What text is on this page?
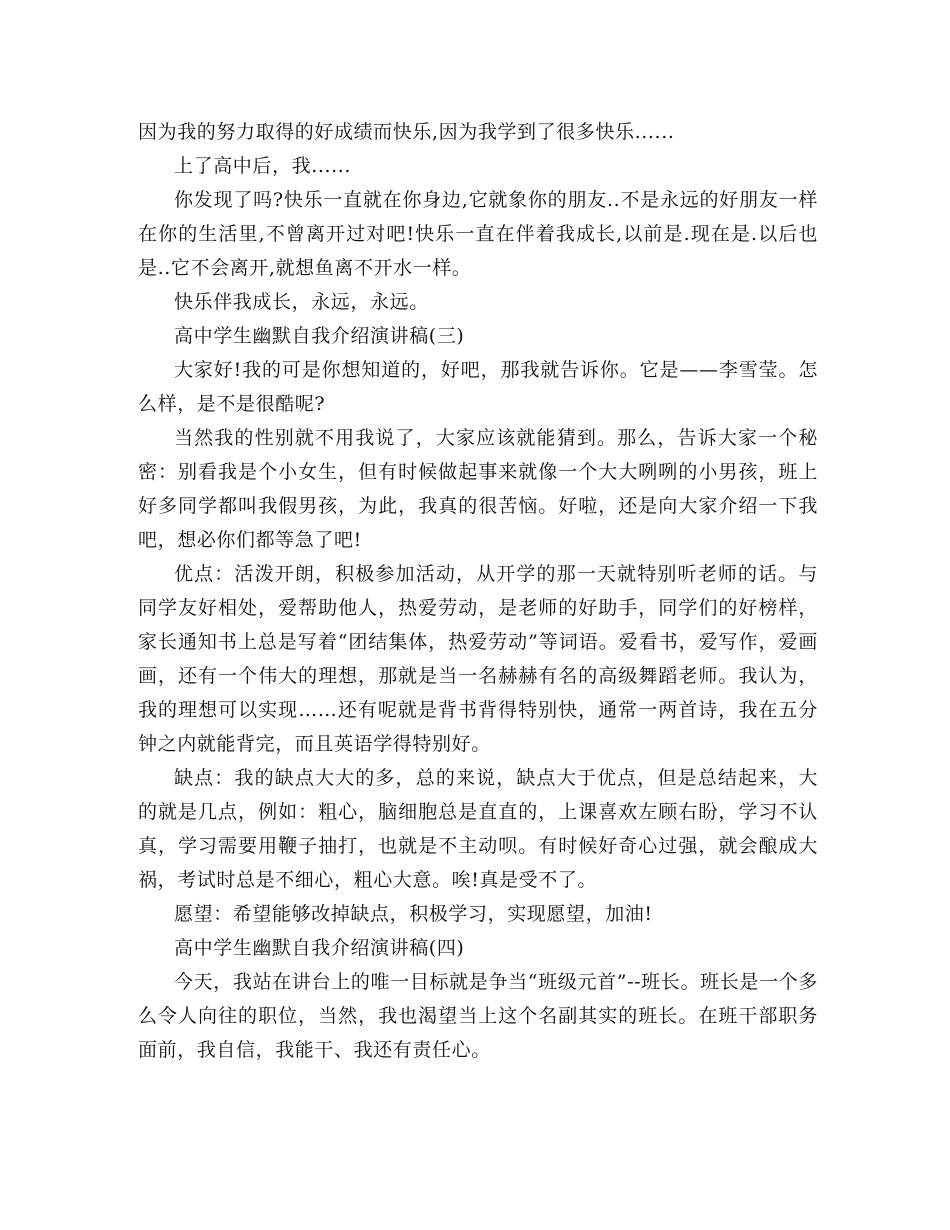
因为我的努力取得的好成绩而快乐,因为我学到了很多快乐......

上了高中后，我......

你发现了吗?快乐一直就在你身边,它就象你的朋友..不是永远的好朋友一样在你的生活里,不曾离开过对吧!快乐一直在伴着我成长,以前是.现在是.以后也是..它不会离开,就想鱼离不开水一样。

快乐伴我成长，永远，永远。

高中学生幽默自我介绍演讲稿(三)

大家好!我的可是你想知道的，好吧，那我就告诉你。它是——李雪莹。怎么样，是不是很酷呢?

当然我的性别就不用我说了，大家应该就能猜到。那么，告诉大家一个秘密：别看我是个小女生，但有时候做起事来就像一个大大咧咧的小男孩，班上好多同学都叫我假男孩，为此，我真的很苦恼。好啦，还是向大家介绍一下我吧，想必你们都等急了吧!

优点：活泼开朗，积极参加活动，从开学的那一天就特别听老师的话。与同学友好相处，爱帮助他人，热爱劳动，是老师的好助手，同学们的好榜样，家长通知书上总是写着“团结集体，热爱劳动”等词语。爱看书，爱写作，爱画画，还有一个伟大的理想，那就是当一名赫赫有名的高级舞蹈老师。我认为，我的理想可以实现……还有呢就是背书背得特别快，通常一两首诗，我在五分钟之内就能背完，而且英语学得特别好。

缺点：我的缺点大大的多，总的来说，缺点大于优点，但是总结起来，大的就是几点，例如：粗心，脑细胞总是直直的，上课喜欢左顾右盼，学习不认真，学习需要用鞭子抽打，也就是不主动呗。有时候好奇心过强，就会酿成大祸，考试时总是不细心，粗心大意。唉!真是受不了。

愿望：希望能够改掉缺点，积极学习，实现愿望，加油!

高中学生幽默自我介绍演讲稿(四)

今天，我站在讲台上的唯一目标就是争当“班级元首”--班长。班长是一个多么令人向往的职位，当然，我也渴望当上这个名副其实的班长。在班干部职务面前，我自信，我能干、我还有责任心。
